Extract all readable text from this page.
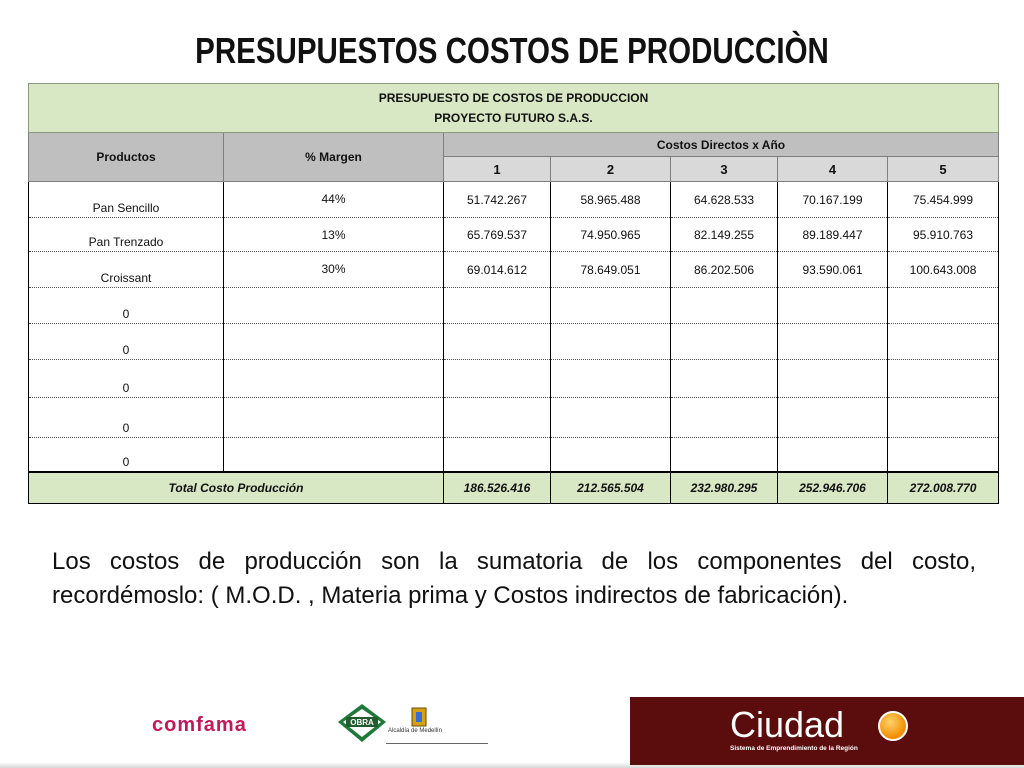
PRESUPUESTOS COSTOS DE PRODUCCIÒN
PRESUPUESTO DE COSTOS DE PRODUCCION
PROYECTO FUTURO S.A.S.						

Productos	% Margen	Costos Directos x Año				
		1	2	3	4	5
Pan Sencillo	44%	51.742.267	58.965.488	64.628.533	70.167.199	75.454.999
Pan Trenzado	13%	65.769.537	74.950.965	82.149.255	89.189.447	95.910.763
Croissant	30%	69.014.612	78.649.051	86.202.506	93.590.061	100.643.008
0						
0						
0						
0						
0						
Total Costo Producción		186.526.416	212.565.504	232.980.295	252.946.706	272.008.770
Los costos de producción son la sumatoria de los componentes del costo, recordémoslo: ( M.O.D. , Materia prima y Costos indirectos de fabricación).
comfama	OBRA
Alcaldía de Medellín	Ciudad
Sistema de Emprendimiento de la Región
